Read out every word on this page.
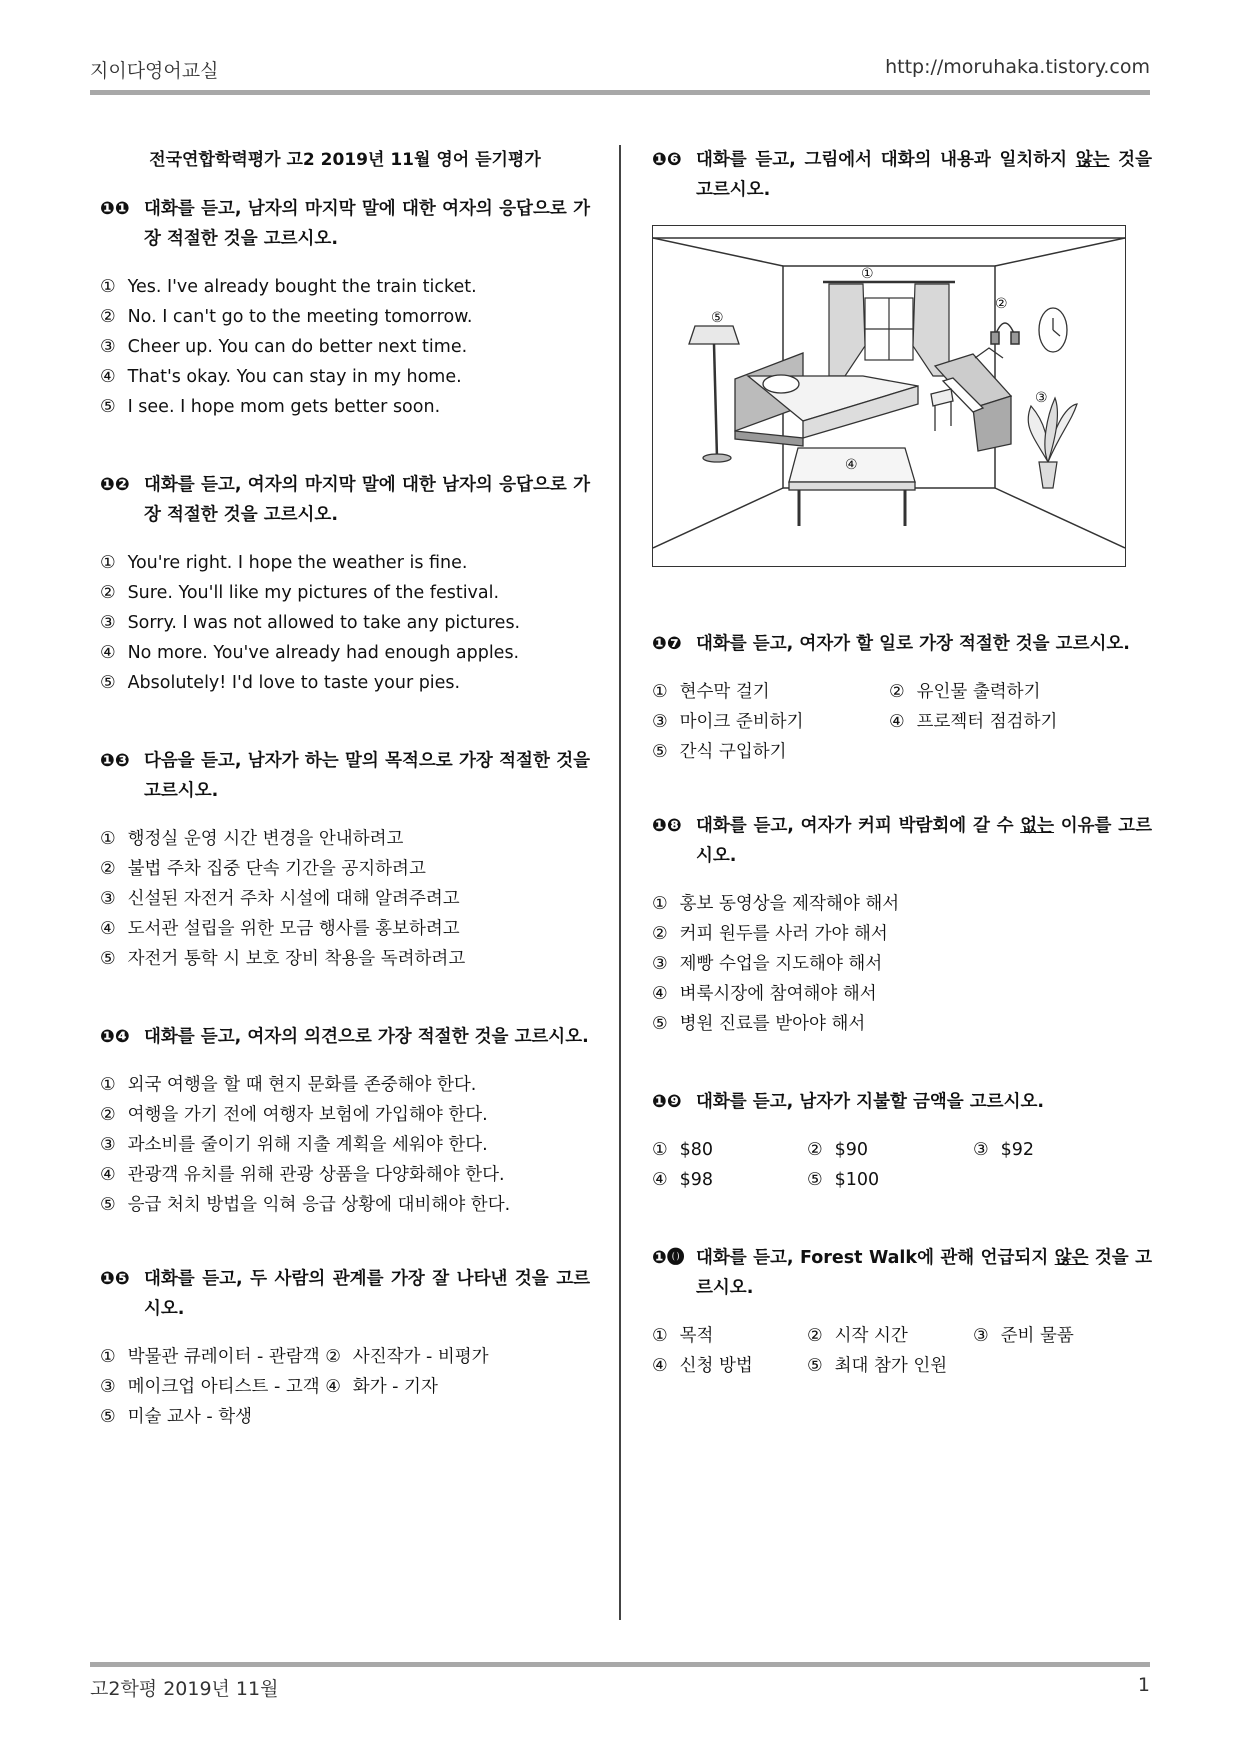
지이다영어교실	http://moruhaka.tistory.com
전국연합학력평가 고2 2019년 11월 영어 듣기평가
❶❶ 대화를 듣고, 남자의 마지막 말에 대한 여자의 응답으로 가장 적절한 것을 고르시오.
① Yes. I've already bought the train ticket.
② No. I can't go to the meeting tomorrow.
③ Cheer up. You can do better next time.
④ That's okay. You can stay in my home.
⑤ I see. I hope mom gets better soon.
❶❷ 대화를 듣고, 여자의 마지막 말에 대한 남자의 응답으로 가장 적절한 것을 고르시오.
① You're right. I hope the weather is fine.
② Sure. You'll like my pictures of the festival.
③ Sorry. I was not allowed to take any pictures.
④ No more. You've already had enough apples.
⑤ Absolutely! I'd love to taste your pies.
❶❸ 다음을 듣고, 남자가 하는 말의 목적으로 가장 적절한 것을 고르시오.
① 행정실 운영 시간 변경을 안내하려고
② 불법 주차 집중 단속 기간을 공지하려고
③ 신설된 자전거 주차 시설에 대해 알려주려고
④ 도서관 설립을 위한 모금 행사를 홍보하려고
⑤ 자전거 통학 시 보호 장비 착용을 독려하려고
❶❹ 대화를 듣고, 여자의 의견으로 가장 적절한 것을 고르시오.
① 외국 여행을 할 때 현지 문화를 존중해야 한다.
② 여행을 가기 전에 여행자 보험에 가입해야 한다.
③ 과소비를 줄이기 위해 지출 계획을 세워야 한다.
④ 관광객 유치를 위해 관광 상품을 다양화해야 한다.
⑤ 응급 처치 방법을 익혀 응급 상황에 대비해야 한다.
❶❺ 대화를 듣고, 두 사람의 관계를 가장 잘 나타낸 것을 고르시오.
① 박물관 큐레이터 - 관람객 ② 사진작가 - 비평가
③ 메이크업 아티스트 - 고객 ④ 화가 - 기자
⑤ 미술 교사 - 학생
❶❻ 대화를 듣고, 그림에서 대화의 내용과 일치하지 않는 것을 고르시오.
①
②
③
④
⑤
❶❼ 대화를 듣고, 여자가 할 일로 가장 적절한 것을 고르시오.
① 현수막 걸기	② 유인물 출력하기
③ 마이크 준비하기	④ 프로젝터 점검하기
⑤ 간식 구입하기
❶❽ 대화를 듣고, 여자가 커피 박람회에 갈 수 없는 이유를 고르시오.
① 홍보 동영상을 제작해야 해서
② 커피 원두를 사러 가야 해서
③ 제빵 수업을 지도해야 해서
④ 벼룩시장에 참여해야 해서
⑤ 병원 진료를 받아야 해서
❶❾ 대화를 듣고, 남자가 지불할 금액을 고르시오.
① $80	② $90	③ $92
④ $98	⑤ $100
❶⓿ 대화를 듣고, Forest Walk에 관해 언급되지 않은 것을 고르시오.
① 목적	② 시작 시간	③ 준비 물품
④ 신청 방법	⑤ 최대 참가 인원
고2학평 2019년 11월	1
